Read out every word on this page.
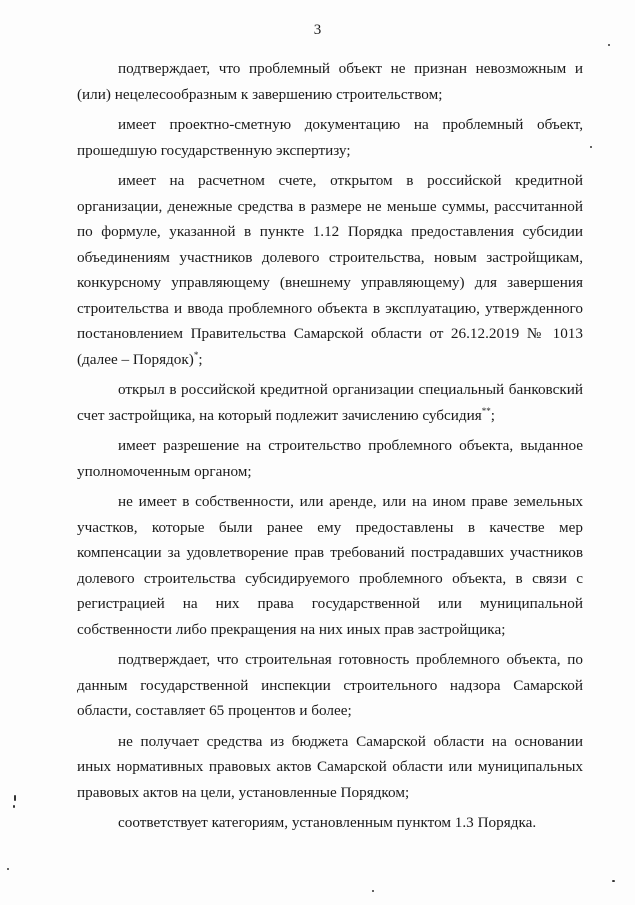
3

подтверждает, что проблемный объект не признан невозможным и (или) нецелесообразным к завершению строительством;

имеет проектно-сметную документацию на проблемный объект, прошедшую государственную экспертизу;

имеет на расчетном счете, открытом в российской кредитной организации, денежные средства в размере не меньше суммы, рассчитанной по формуле, указанной в пункте 1.12 Порядка предоставления субсидии объединениям участников долевого строительства, новым застройщикам, конкурсному управляющему (внешнему управляющему) для завершения строительства и ввода проблемного объекта в эксплуатацию, утвержденного постановлением Правительства Самарской области от 26.12.2019 № 1013 (далее – Порядок)*;

открыл в российской кредитной организации специальный банковский счет застройщика, на который подлежит зачислению субсидия**;

имеет разрешение на строительство проблемного объекта, выданное уполномоченным органом;

не имеет в собственности, или аренде, или на ином праве земельных участков, которые были ранее ему предоставлены в качестве мер компенсации за удовлетворение прав требований пострадавших участников долевого строительства субсидируемого проблемного объекта, в связи с регистрацией на них права государственной или муниципальной собственности либо прекращения на них иных прав застройщика;

подтверждает, что строительная готовность проблемного объекта, по данным государственной инспекции строительного надзора Самарской области, составляет 65 процентов и более;

не получает средства из бюджета Самарской области на основании иных нормативных правовых актов Самарской области или муниципальных правовых актов на цели, установленные Порядком;

соответствует категориям, установленным пунктом 1.3 Порядка.
